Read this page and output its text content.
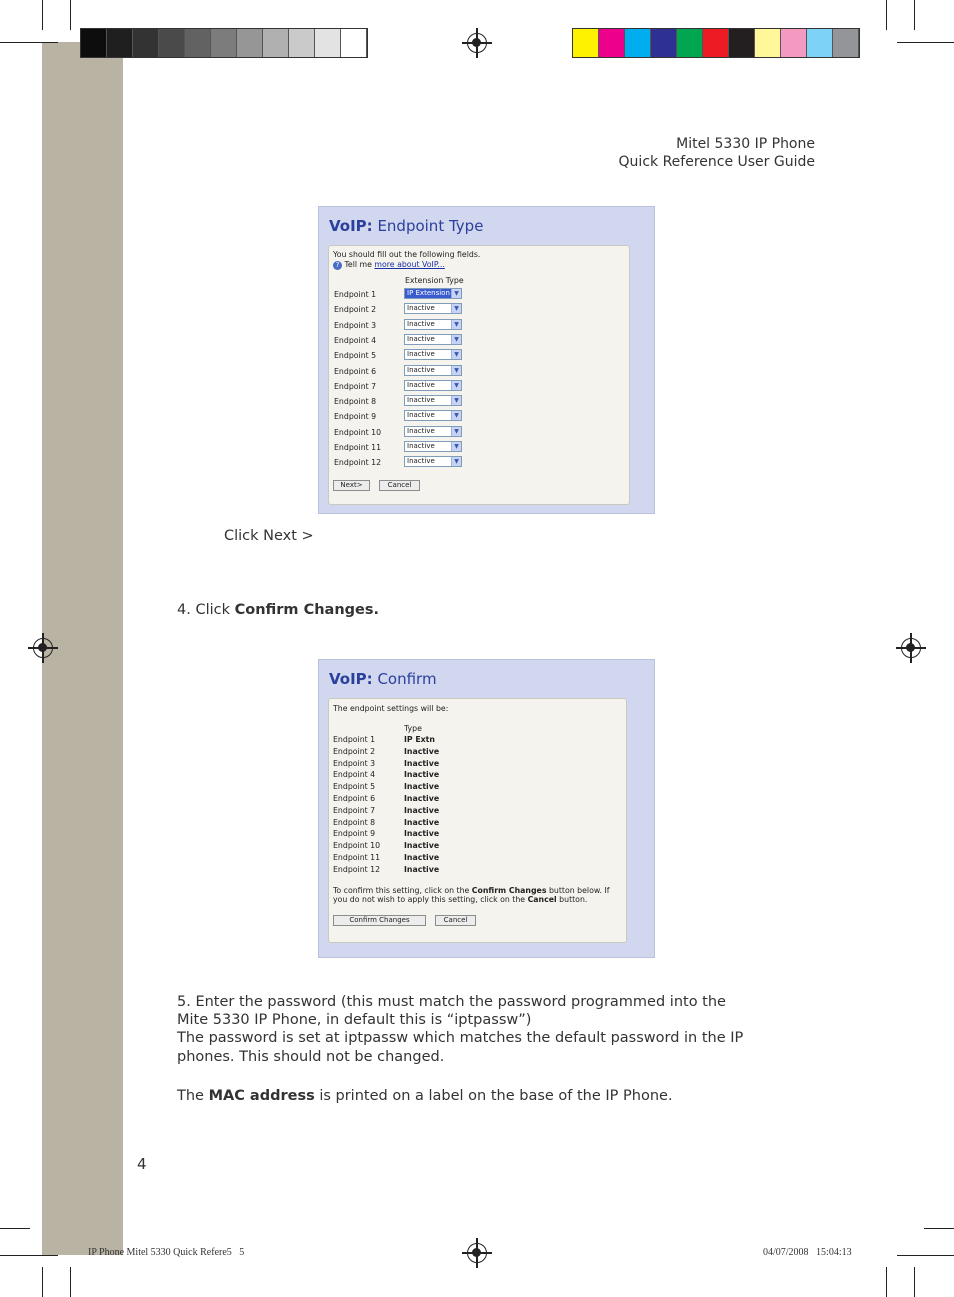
Mitel 5330 IP Phone
Quick Reference User Guide
VoIP: Endpoint Type
You should fill out the following fields.
? Tell me more about VoIP...
Extension Type
Endpoint 1	IP Extension ▼
Endpoint 2	Inactive	▼
Endpoint 3	Inactive	▼
Endpoint 4	Inactive	▼
Endpoint 5	Inactive	▼
Endpoint 6	Inactive	▼
Endpoint 7	Inactive	▼
Endpoint 8	Inactive	▼
Endpoint 9	Inactive	▼
Endpoint 10	Inactive	▼
Endpoint 11	Inactive	▼
Endpoint 12	Inactive	▼
Next>	Cancel
Click Next >
4. Click Confirm Changes.
VoIP: Confirm
The endpoint settings will be:
Type
Endpoint 1	IP Extn
Endpoint 2	Inactive
Endpoint 3	Inactive
Endpoint 4	Inactive
Endpoint 5	Inactive
Endpoint 6	Inactive
Endpoint 7	Inactive
Endpoint 8	Inactive
Endpoint 9	Inactive
Endpoint 10	Inactive
Endpoint 11	Inactive
Endpoint 12	Inactive
To confirm this setting, click on the Confirm Changes button below. If
you do not wish to apply this setting, click on the Cancel button.
Confirm Changes	Cancel
5. Enter the password (this must match the password programmed into the
Mite 5330 IP Phone, in default this is “iptpassw”)
The password is set at iptpassw which matches the default password in the IP
phones. This should not be changed.
The MAC address is printed on a label on the base of the IP Phone.
4
IP Phone Mitel 5330 Quick Refere5   5	04/07/2008   15:04:13
